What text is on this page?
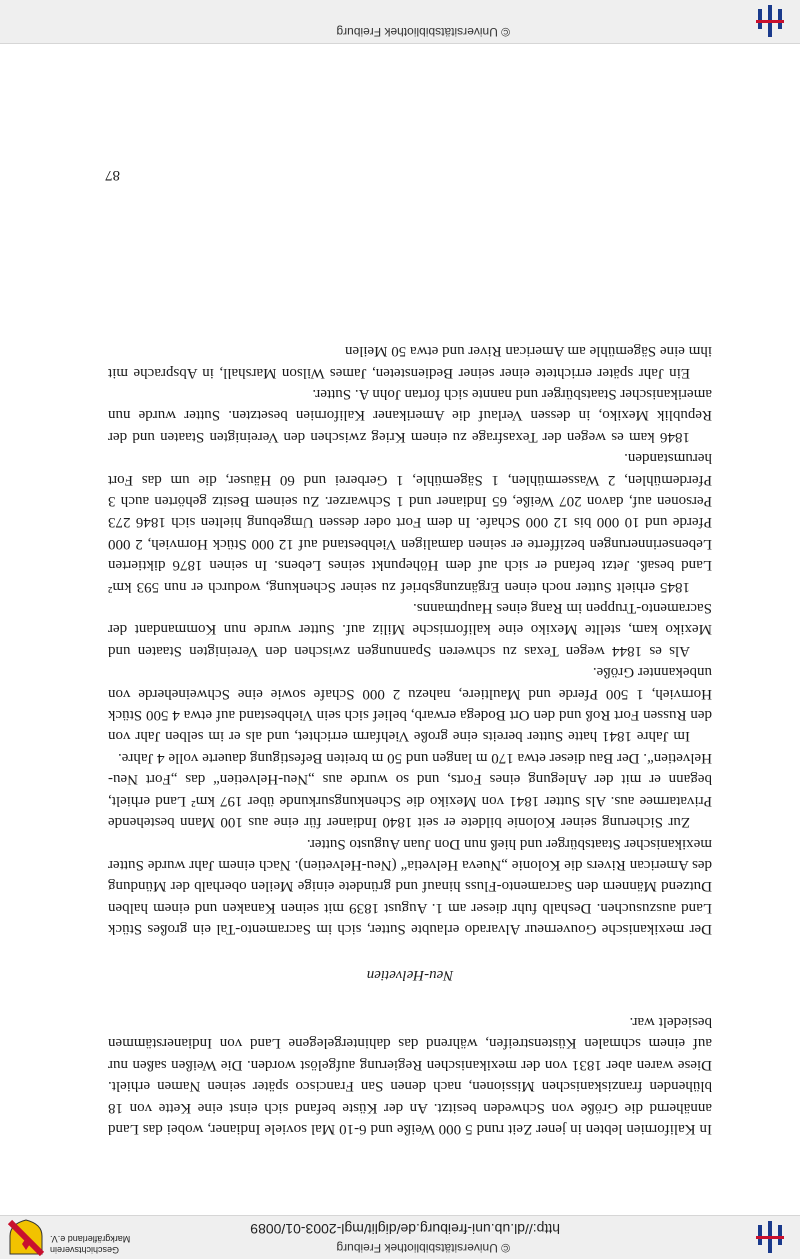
© Universitätsbibliothek Freiburg
http://dl.ub.uni-freiburg.de/diglit/mgl-2003-01/0089
Geschichtsverein
Markgräflerland e.V.

In Kalifornien lebten in jener Zeit rund 5 000 Weiße und 6-10 Mal soviele Indianer, wobei das Land annähernd die Größe von Schweden besitzt. An der Küste befand sich einst eine Kette von 18 blühenden franziskanischen Missionen, nach denen San Francisco später seinen Namen erhielt. Diese waren aber 1831 von der mexikanischen Regierung aufgelöst worden. Die Weißen saßen nur auf einem schmalen Küstenstreifen, während das dahintergelegene Land von Indianerstämmen besiedelt war.

Neu-Helvetien

Der mexikanische Gouverneur Alvarado erlaubte Sutter, sich im Sacramento-Tal ein großes Stück Land auszusuchen. Deshalb fuhr dieser am 1. August 1839 mit seinen Kanaken und einem halben Dutzend Männern den Sacramento-Fluss hinauf und gründete einige Meilen oberhalb der Mündung des American Rivers die Kolonie „Nueva Helvetia“ (Neu-Helvetien). Nach einem Jahr wurde Sutter mexikanischer Staatsbürger und hieß nun Don Juan Augusto Sutter.

Zur Sicherung seiner Kolonie bildete er seit 1840 Indianer für eine aus 100 Mann bestehende Privatarmee aus. Als Sutter 1841 von Mexiko die Schenkungsurkunde über 197 km² Land erhielt, begann er mit der Anlegung eines Forts, und so wurde aus „Neu-Helvetien“ das „Fort Neu-Helvetien“. Der Bau dieser etwa 170 m langen und 50 m breiten Befestigung dauerte volle 4 Jahre.

Im Jahre 1841 hatte Sutter bereits eine große Viehfarm errichtet, und als er im selben Jahr von den Russen Fort Roß und den Ort Bodega erwarb, belief sich sein Viehbestand auf etwa 4 500 Stück Hornvieh, 1 500 Pferde und Maultiere, nahezu 2 000 Schafe sowie eine Schweineherde von unbekannter Größe.

Als es 1844 wegen Texas zu schweren Spannungen zwischen den Vereinigten Staaten und Mexiko kam, stellte Mexiko eine kalifornische Miliz auf. Sutter wurde nun Kommandant der Sacramento-Truppen im Rang eines Hauptmanns.

1845 erhielt Sutter noch einen Ergänzungsbrief zu seiner Schenkung, wodurch er nun 593 km² Land besaß. Jetzt befand er sich auf dem Höhepunkt seines Lebens. In seinen 1876 diktierten Lebenserinnerungen bezifferte er seinen damaligen Viehbestand auf 12 000 Stück Hornvieh, 2 000 Pferde und 10 000 bis 12 000 Schafe. In dem Fort oder dessen Umgebung hielten sich 1846 273 Personen auf, davon 207 Weiße, 65 Indianer und 1 Schwarzer. Zu seinem Besitz gehörten auch 3 Pferdemühlen, 2 Wassermühlen, 1 Sägemühle, 1 Gerberei und 60 Häuser, die um das Fort herumstanden.

1846 kam es wegen der Texasfrage zu einem Krieg zwischen den Vereinigten Staaten und der Republik Mexiko, in dessen Verlauf die Amerikaner Kalifornien besetzten. Sutter wurde nun amerikanischer Staatsbürger und nannte sich fortan John A. Sutter.

Ein Jahr später errichtete einer seiner Bediensteten, James Wilson Marshall, in Absprache mit ihm eine Sägemühle am American River und etwa 50 Meilen

87
© Universitätsbibliothek Freiburg
